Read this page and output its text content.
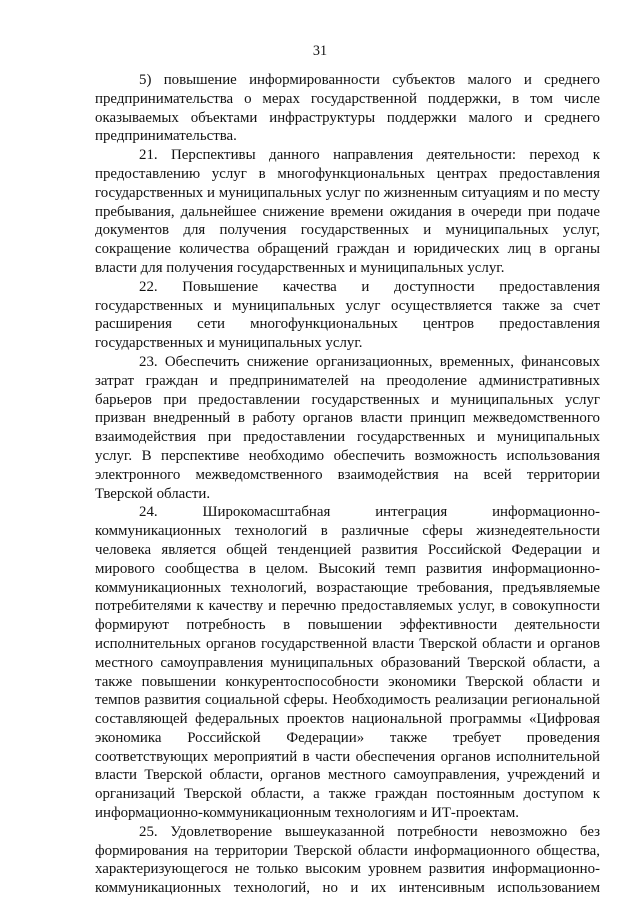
31
5) повышение информированности субъектов малого и среднего
предпринимательства о мерах государственной поддержки, в том числе
оказываемых объектами инфраструктуры поддержки малого и среднего
предпринимательства.
21. Перспективы данного направления деятельности: переход к
предоставлению услуг в многофункциональных центрах предоставления
государственных и муниципальных услуг по жизненным ситуациям и по месту
пребывания, дальнейшее снижение времени ожидания в очереди при подаче
документов для получения государственных и муниципальных услуг,
сокращение количества обращений граждан и юридических лиц в органы
власти для получения государственных и муниципальных услуг.
22. Повышение качества и доступности предоставления
государственных и муниципальных услуг осуществляется также за счет
расширения сети многофункциональных центров предоставления
государственных и муниципальных услуг.
23. Обеспечить снижение организационных, временных, финансовых
затрат граждан и предпринимателей на преодоление административных
барьеров при предоставлении государственных и муниципальных услуг
призван внедренный в работу органов власти принцип межведомственного
взаимодействия при предоставлении государственных и муниципальных
услуг. В перспективе необходимо обеспечить возможность использования
электронного межведомственного взаимодействия на всей территории
Тверской области.
24. Широкомасштабная интеграция информационно-
коммуникационных технологий в различные сферы жизнедеятельности
человека является общей тенденцией развития Российской Федерации и
мирового сообщества в целом. Высокий темп развития информационно-
коммуникационных технологий, возрастающие требования, предъявляемые
потребителями к качеству и перечню предоставляемых услуг, в совокупности
формируют потребность в повышении эффективности деятельности
исполнительных органов государственной власти Тверской области и органов
местного самоуправления муниципальных образований Тверской области, а
также повышении конкурентоспособности экономики Тверской области и
темпов развития социальной сферы. Необходимость реализации региональной
составляющей федеральных проектов национальной программы «Цифровая
экономика Российской Федерации» также требует проведения
соответствующих мероприятий в части обеспечения органов исполнительной
власти Тверской области, органов местного самоуправления, учреждений и
организаций Тверской области, а также граждан постоянным доступом к
информационно-коммуникационным технологиям и ИТ-проектам.
25. Удовлетворение вышеуказанной потребности невозможно без
формирования на территории Тверской области информационного общества,
характеризующегося не только высоким уровнем развития информационно-
коммуникационных технологий, но и их интенсивным использованием
